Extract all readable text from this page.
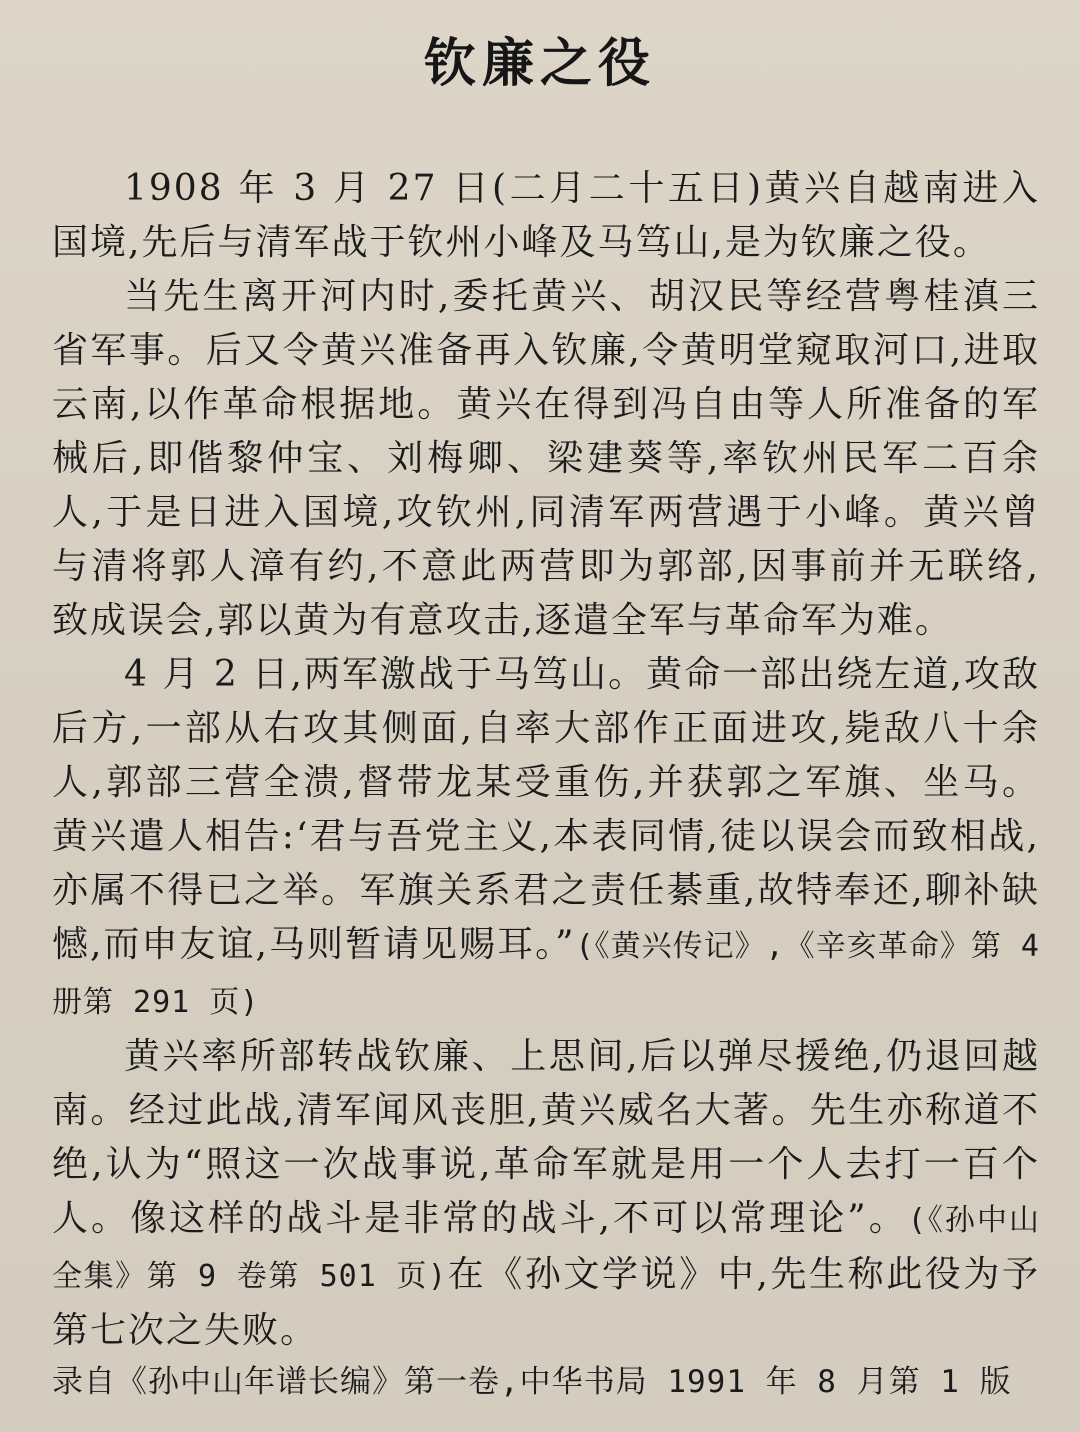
钦廉之役

1908 年 3 月 27 日(二月二十五日)黄兴自越南进入国境,先后与清军战于钦州小峰及马笃山,是为钦廉之役。

当先生离开河内时,委托黄兴、胡汉民等经营粤桂滇三省军事。后又令黄兴准备再入钦廉,令黄明堂窥取河口,进取云南,以作革命根据地。黄兴在得到冯自由等人所准备的军械后,即偕黎仲宝、刘梅卿、梁建葵等,率钦州民军二百余人,于是日进入国境,攻钦州,同清军两营遇于小峰。黄兴曾与清将郭人漳有约,不意此两营即为郭部,因事前并无联络,致成误会,郭以黄为有意攻击,逐遣全军与革命军为难。

4 月 2 日,两军激战于马笃山。黄命一部出绕左道,攻敌后方,一部从右攻其侧面,自率大部作正面进攻,毙敌八十余人,郭部三营全溃,督带龙某受重伤,并获郭之军旗、坐马。黄兴遣人相告:‘君与吾党主义,本表同情,徒以误会而致相战,亦属不得已之举。军旗关系君之责任綦重,故特奉还,聊补缺憾,而申友谊,马则暂请见赐耳。”(《黄兴传记》,《辛亥革命》第 4 册第 291 页)

黄兴率所部转战钦廉、上思间,后以弹尽援绝,仍退回越南。经过此战,清军闻风丧胆,黄兴威名大著。先生亦称道不绝,认为“照这一次战事说,革命军就是用一个人去打一百个人。像这样的战斗是非常的战斗,不可以常理论”。(《孙中山全集》第 9 卷第 501 页)在《孙文学说》中,先生称此役为予第七次之失败。

录自《孙中山年谱长编》第一卷,中华书局 1991 年 8 月第 1 版
